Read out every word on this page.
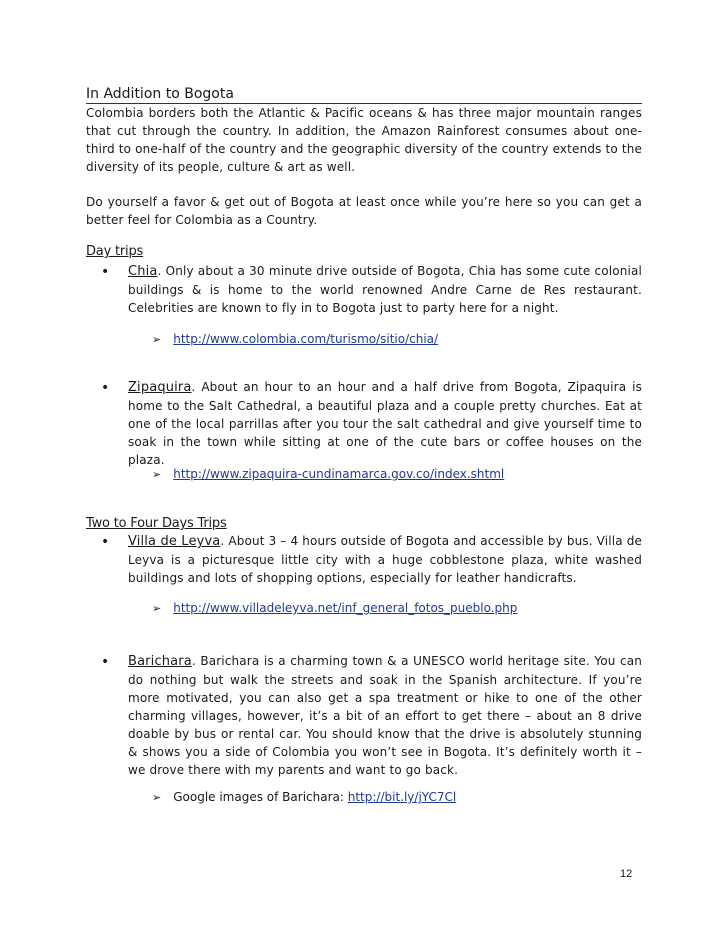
In Addition to Bogota

Colombia borders both the Atlantic & Pacific oceans & has three major mountain ranges that cut through the country. In addition, the Amazon Rainforest consumes about one-third to one-half of the country and the geographic diversity of the country extends to the diversity of its people, culture & art as well.

Do yourself a favor & get out of Bogota at least once while you’re here so you can get a better feel for Colombia as a Country.

Day trips
• Chia. Only about a 30 minute drive outside of Bogota, Chia has some cute colonial buildings & is home to the world renowned Andre Carne de Res restaurant. Celebrities are known to fly in to Bogota just to party here for a night.

➢ http://www.colombia.com/turismo/sitio/chia/
• Zipaquira. About an hour to an hour and a half drive from Bogota, Zipaquira is home to the Salt Cathedral, a beautiful plaza and a couple pretty churches. Eat at one of the local parrillas after you tour the salt cathedral and give yourself time to soak in the town while sitting at one of the cute bars or coffee houses on the plaza.

➢ http://www.zipaquira-cundinamarca.gov.co/index.shtml
Two to Four Days Trips
• Villa de Leyva. About 3 – 4 hours outside of Bogota and accessible by bus. Villa de Leyva is a picturesque little city with a huge cobblestone plaza, white washed buildings and lots of shopping options, especially for leather handicrafts.

➢ http://www.villadeleyva.net/inf_general_fotos_pueblo.php
• Barichara. Barichara is a charming town & a UNESCO world heritage site. You can do nothing but walk the streets and soak in the Spanish architecture. If you’re more motivated, you can also get a spa treatment or hike to one of the other charming villages, however, it’s a bit of an effort to get there – about an 8 drive doable by bus or rental car. You should know that the drive is absolutely stunning & shows you a side of Colombia you won’t see in Bogota. It’s definitely worth it – we drove there with my parents and want to go back.

➢ Google images of Barichara: http://bit.ly/jYC7Cl
12
